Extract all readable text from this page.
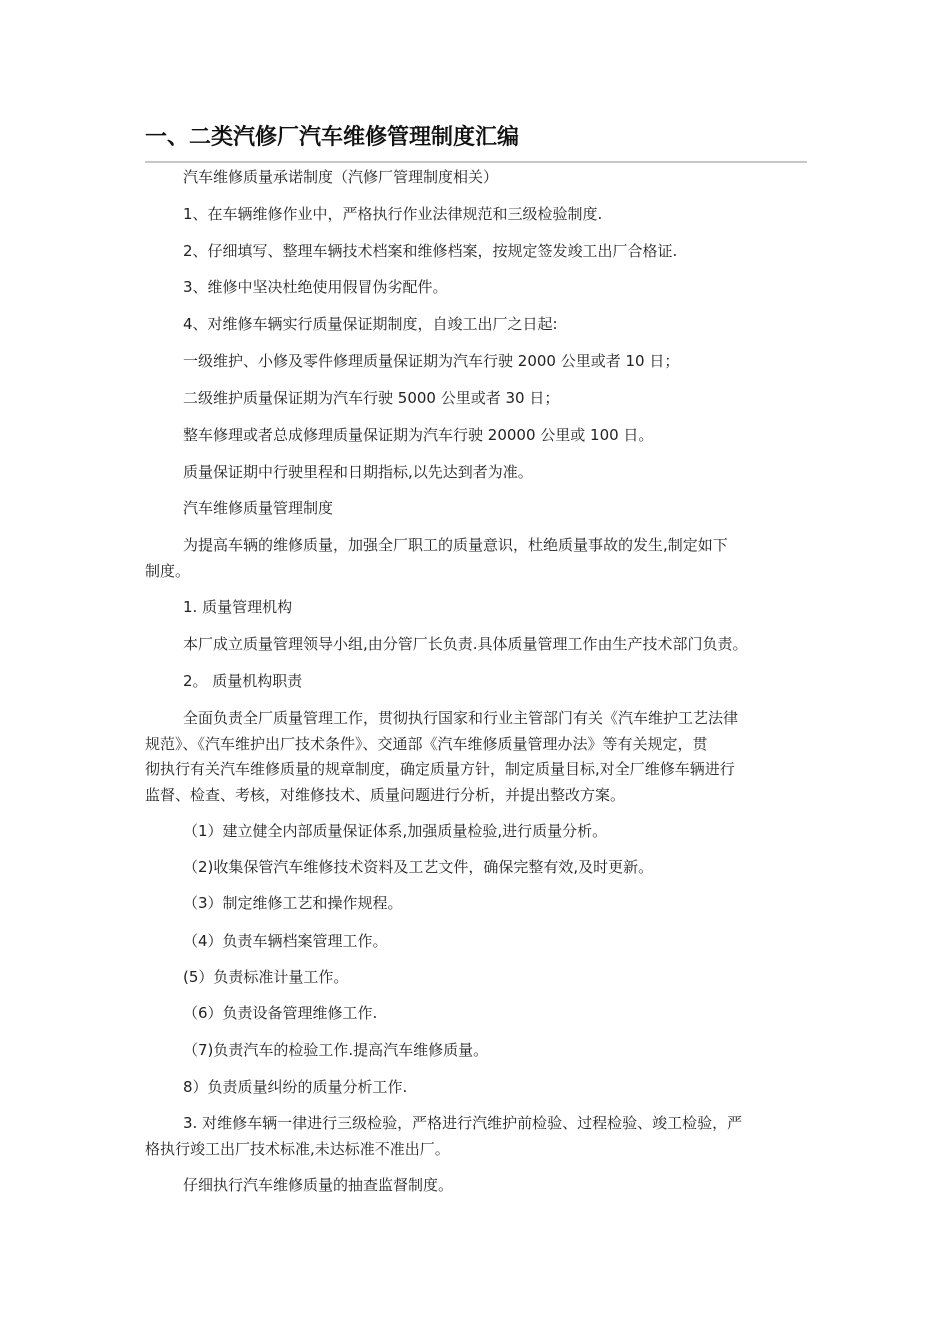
一、二类汽修厂汽车维修管理制度汇编
汽车维修质量承诺制度（汽修厂管理制度相关）
1、在车辆维修作业中，严格执行作业法律规范和三级检验制度.
2、仔细填写、整理车辆技术档案和维修档案，按规定签发竣工出厂合格证.
3、维修中坚决杜绝使用假冒伪劣配件。
4、对维修车辆实行质量保证期制度，自竣工出厂之日起:
一级维护、小修及零件修理质量保证期为汽车行驶 2000 公里或者 10 日；
二级维护质量保证期为汽车行驶 5000 公里或者 30 日；
整车修理或者总成修理质量保证期为汽车行驶 20000 公里或 100 日。
质量保证期中行驶里程和日期指标,以先达到者为准。
汽车维修质量管理制度
为提高车辆的维修质量，加强全厂职工的质量意识，杜绝质量事故的发生,制定如下
制度。
1. 质量管理机构
本厂成立质量管理领导小组,由分管厂长负责.具体质量管理工作由生产技术部门负责。
2。 质量机构职责
全面负责全厂质量管理工作，贯彻执行国家和行业主管部门有关《汽车维护工艺法律
规范》、《汽车维护出厂技术条件》、交通部《汽车维修质量管理办法》等有关规定，贯
彻执行有关汽车维修质量的规章制度，确定质量方针，制定质量目标,对全厂维修车辆进行
监督、检查、考核，对维修技术、质量问题进行分析，并提出整改方案。
（1）建立健全内部质量保证体系,加强质量检验,进行质量分析。
（2)收集保管汽车维修技术资料及工艺文件，确保完整有效,及时更新。
（3）制定维修工艺和操作规程。
（4）负责车辆档案管理工作。
(5）负责标准计量工作。
（6）负责设备管理维修工作.
（7)负责汽车的检验工作.提高汽车维修质量。
8）负责质量纠纷的质量分析工作.
3. 对维修车辆一律进行三级检验，严格进行汽维护前检验、过程检验、竣工检验，严
格执行竣工出厂技术标准,未达标准不准出厂。
仔细执行汽车维修质量的抽查监督制度。
